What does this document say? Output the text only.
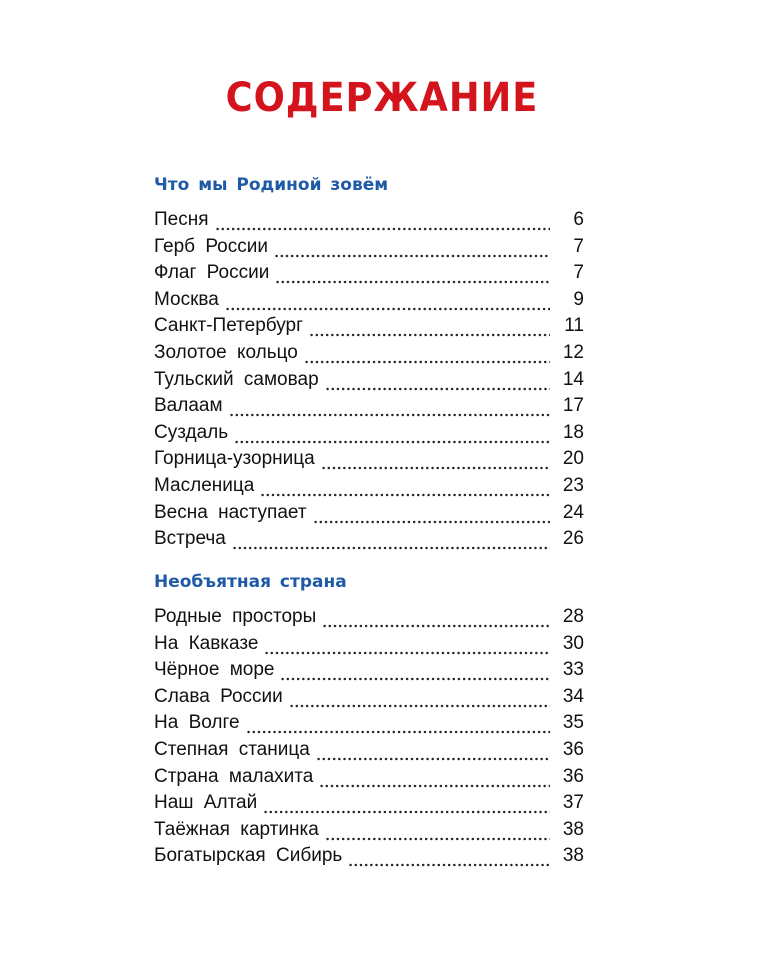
СОДЕРЖАНИЕ
Что мы Родиной зовём
Песня	6
Герб России	7
Флаг России	7
Москва	9
Санкт-Петербург	11
Золотое кольцо	12
Тульский самовар	14
Валаам	17
Суздаль	18
Горница-узорница	20
Масленица	23
Весна наступает	24
Встреча	26
Необъятная страна
Родные просторы	28
На Кавказе	30
Чёрное море	33
Слава России	34
На Волге	35
Степная станица	36
Страна малахита	36
Наш Алтай	37
Таёжная картинка	38
Богатырская Сибирь	38
